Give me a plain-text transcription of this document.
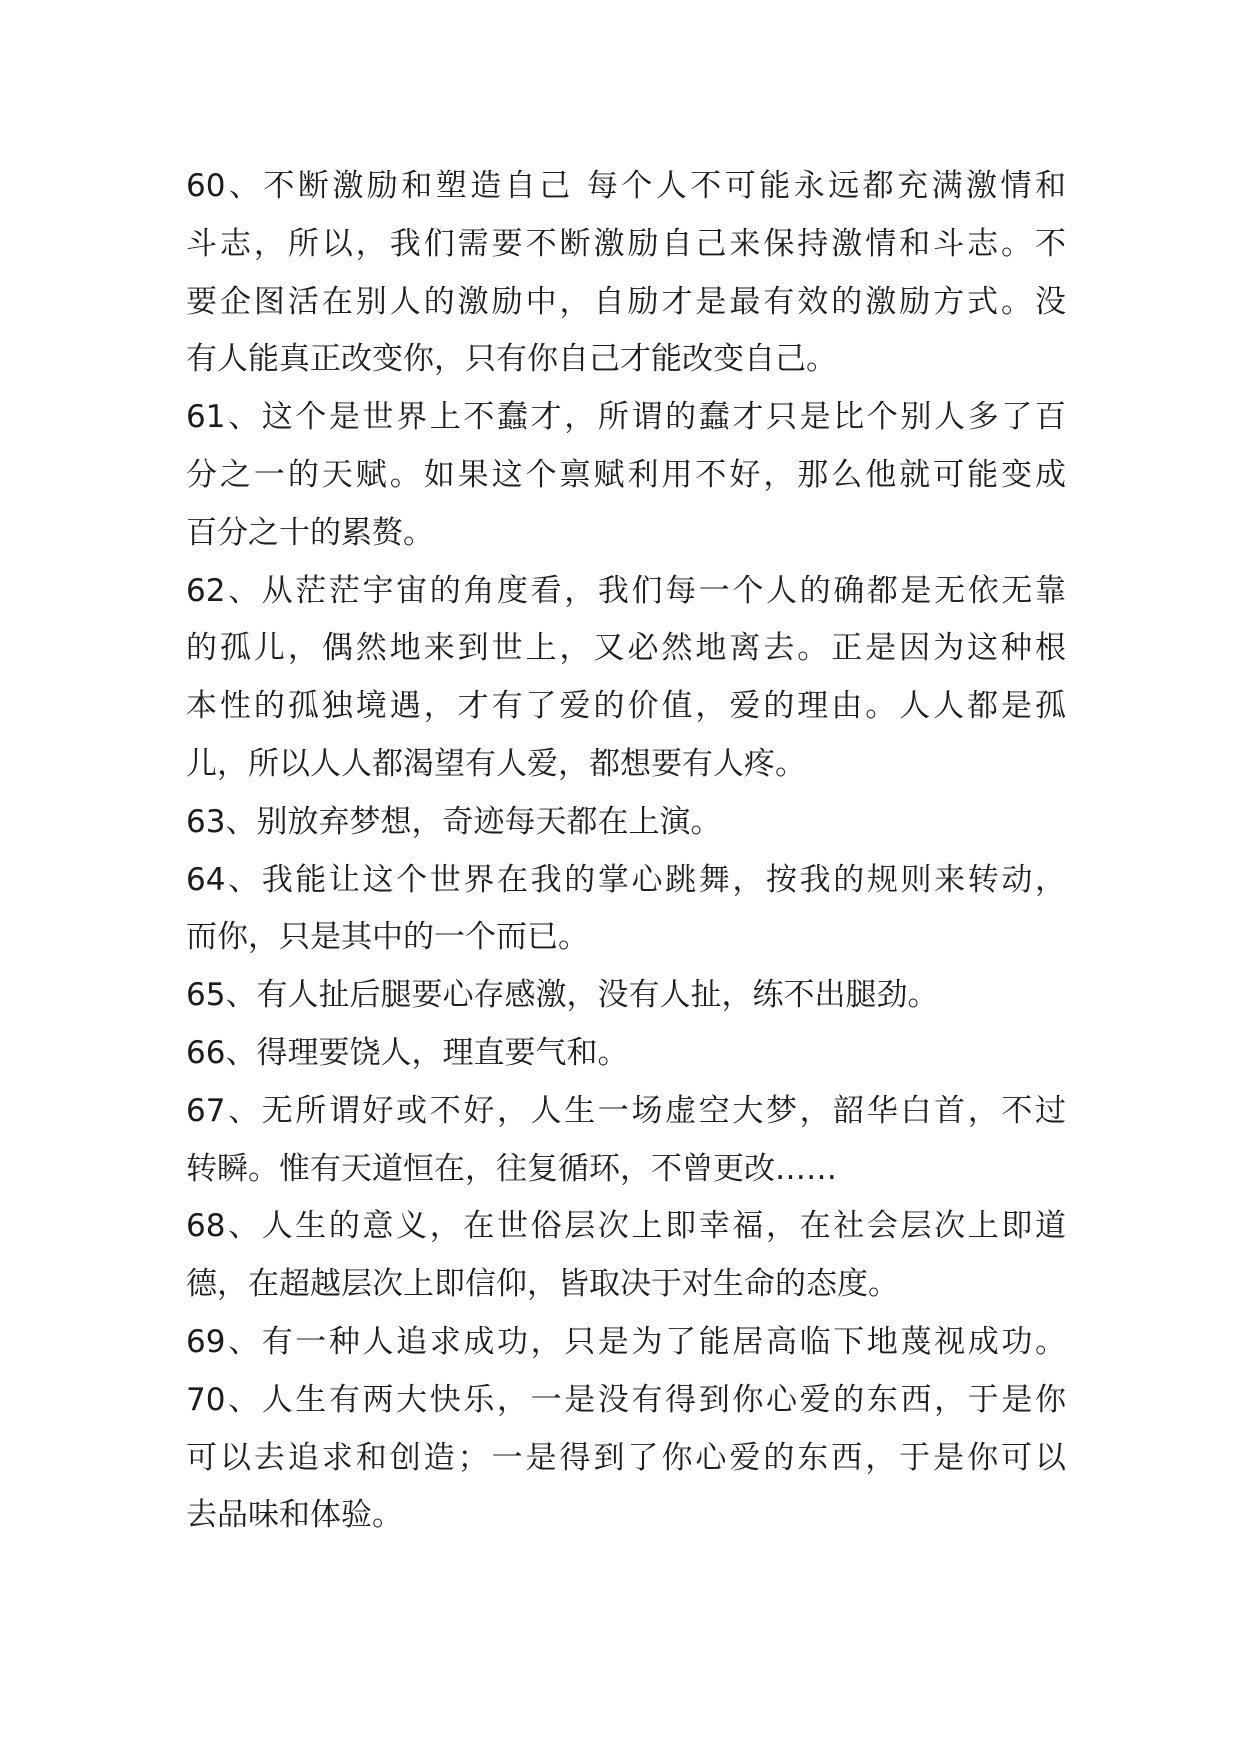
60、不断激励和塑造自己 每个人不可能永远都充满激情和
斗志，所以，我们需要不断激励自己来保持激情和斗志。不
要企图活在别人的激励中，自励才是最有效的激励方式。没
有人能真正改变你，只有你自己才能改变自己。
61、这个是世界上不蠢才，所谓的蠢才只是比个别人多了百
分之一的天赋。如果这个禀赋利用不好，那么他就可能变成
百分之十的累赘。
62、从茫茫宇宙的角度看，我们每一个人的确都是无依无靠
的孤儿，偶然地来到世上，又必然地离去。正是因为这种根
本性的孤独境遇，才有了爱的价值，爱的理由。人人都是孤
儿，所以人人都渴望有人爱，都想要有人疼。
63、别放弃梦想，奇迹每天都在上演。
64、我能让这个世界在我的掌心跳舞，按我的规则来转动，
而你，只是其中的一个而已。
65、有人扯后腿要心存感激，没有人扯，练不出腿劲。
66、得理要饶人，理直要气和。
67、无所谓好或不好，人生一场虚空大梦，韶华白首，不过
转瞬。惟有天道恒在，往复循环，不曾更改……
68、人生的意义，在世俗层次上即幸福，在社会层次上即道
德，在超越层次上即信仰，皆取决于对生命的态度。
69、有一种人追求成功，只是为了能居高临下地蔑视成功。
70、人生有两大快乐，一是没有得到你心爱的东西，于是你
可以去追求和创造；一是得到了你心爱的东西，于是你可以
去品味和体验。
